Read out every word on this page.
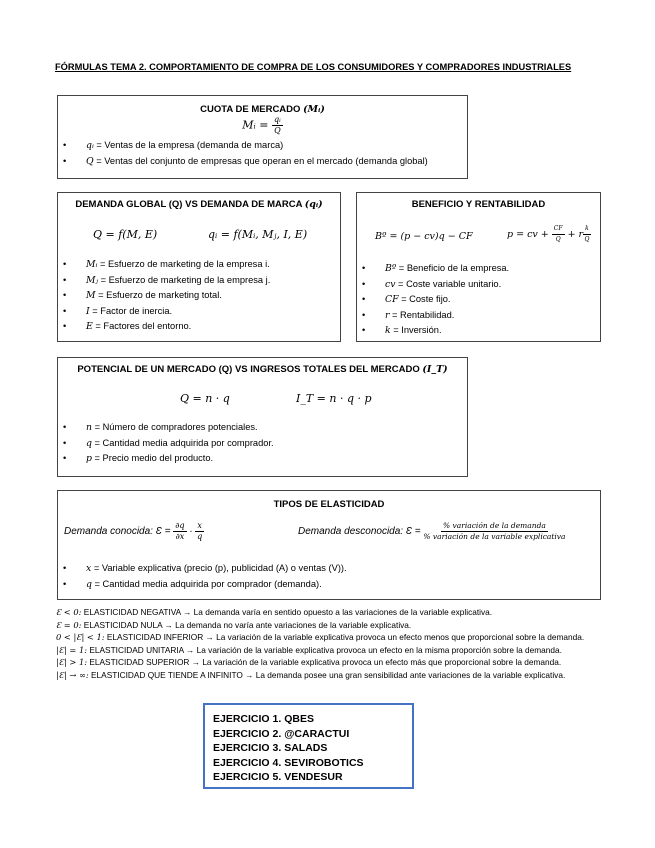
FÓRMULAS TEMA 2. COMPORTAMIENTO DE COMPRA DE LOS CONSUMIDORES Y COMPRADORES INDUSTRIALES
CUOTA DE MERCADO (Mᵢ)
Mᵢ = $\frac{\text{qᵢ}}{Q}$
• qᵢ = Ventas de la empresa (demanda de marca)
• Q = Ventas del conjunto de empresas que operan en el mercado (demanda global)
DEMANDA GLOBAL (Q) VS DEMANDA DE MARCA (qᵢ)
Q = f(M, E)	qᵢ = f(Mᵢ, Mⱼ, I, E)
• Mᵢ = Esfuerzo de marketing de la empresa i.
• Mⱼ = Esfuerzo de marketing de la empresa j.
• M = Esfuerzo de marketing total.
• I = Factor de inercia.
• E = Factores del entorno.
BENEFICIO Y RENTABILIDAD
Bº = (p − cv)q − CF	p = cv + $\frac{CF}{Q} + r \frac{k}{Q}$
• Bº = Beneficio de la empresa.
• cv = Coste variable unitario.
• CF = Coste fijo.
• r = Rentabilidad.
• k = Inversión.
POTENCIAL DE UN MERCADO (Q) VS INGRESOS TOTALES DEL MERCADO (I_T)
Q = n · q	I_T = n · q · p
• n = Número de compradores potenciales.
• q = Cantidad media adquirida por comprador.
• p = Precio medio del producto.
TIPOS DE ELASTICIDAD
Demanda conocida: Ɛ = $\frac{\partial q}{\partial x} \cdot \frac{x}{q}$	Demanda desconocida: Ɛ = $\frac{\text{\% variación de la demanda}}{\text{\% variación de la variable explicativa}}$
• x = Variable explicativa (precio (p), publicidad (A) o ventas (V)).
• q = Cantidad media adquirida por comprador (demanda).
Ɛ < 0: ELASTICIDAD NEGATIVA → La demanda varía en sentido opuesto a las variaciones de la variable explicativa.
Ɛ = 0: ELASTICIDAD NULA → La demanda no varía ante variaciones de la variable explicativa.
0 < |Ɛ| < 1: ELASTICIDAD INFERIOR → La variación de la variable explicativa provoca un efecto menos que proporcional sobre la demanda.
|Ɛ| = 1: ELASTICIDAD UNITARIA → La variación de la variable explicativa provoca un efecto en la misma proporción sobre la demanda.
|Ɛ| > 1: ELASTICIDAD SUPERIOR → La variación de la variable explicativa provoca un efecto más que proporcional sobre la demanda.
|Ɛ| → ∞: ELASTICIDAD QUE TIENDE A INFINITO → La demanda posee una gran sensibilidad ante variaciones de la variable explicativa.
EJERCICIO 1. QBES
EJERCICIO 2. @CARACTUI
EJERCICIO 3. SALADS
EJERCICIO 4. SEVIROBOTICS
EJERCICIO 5. VENDESUR
